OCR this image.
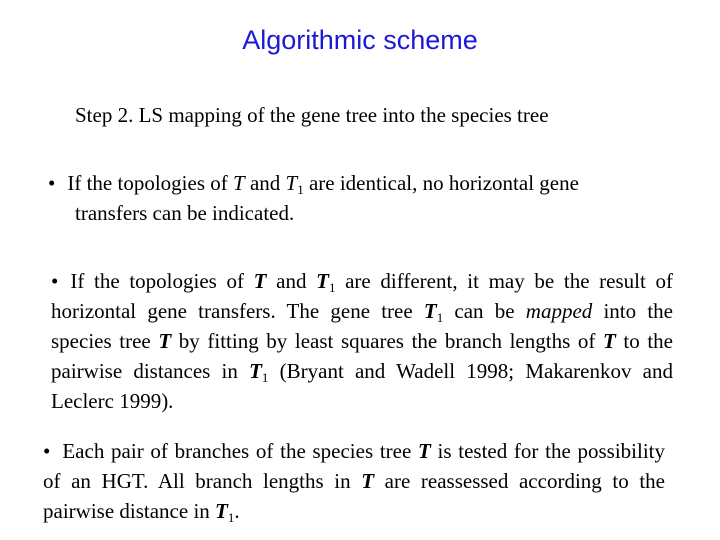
Algorithmic scheme
Step 2. LS mapping of the gene tree into the species tree
• If the topologies of T and $T_1$ are identical, no horizontal gene
transfers can be indicated.
• If the topologies of T and $T_1$ are different, it may be the result of horizontal gene transfers. The gene tree $T_1$ can be mapped into the species tree T by fitting by least squares the branch lengths of T to the pairwise distances in $T_1$ (Bryant and Wadell 1998; Makarenkov and Leclerc 1999).
• Each pair of branches of the species tree T is tested for the possibility of an HGT. All branch lengths in T are reassessed according to the pairwise distance in $T_1$.
